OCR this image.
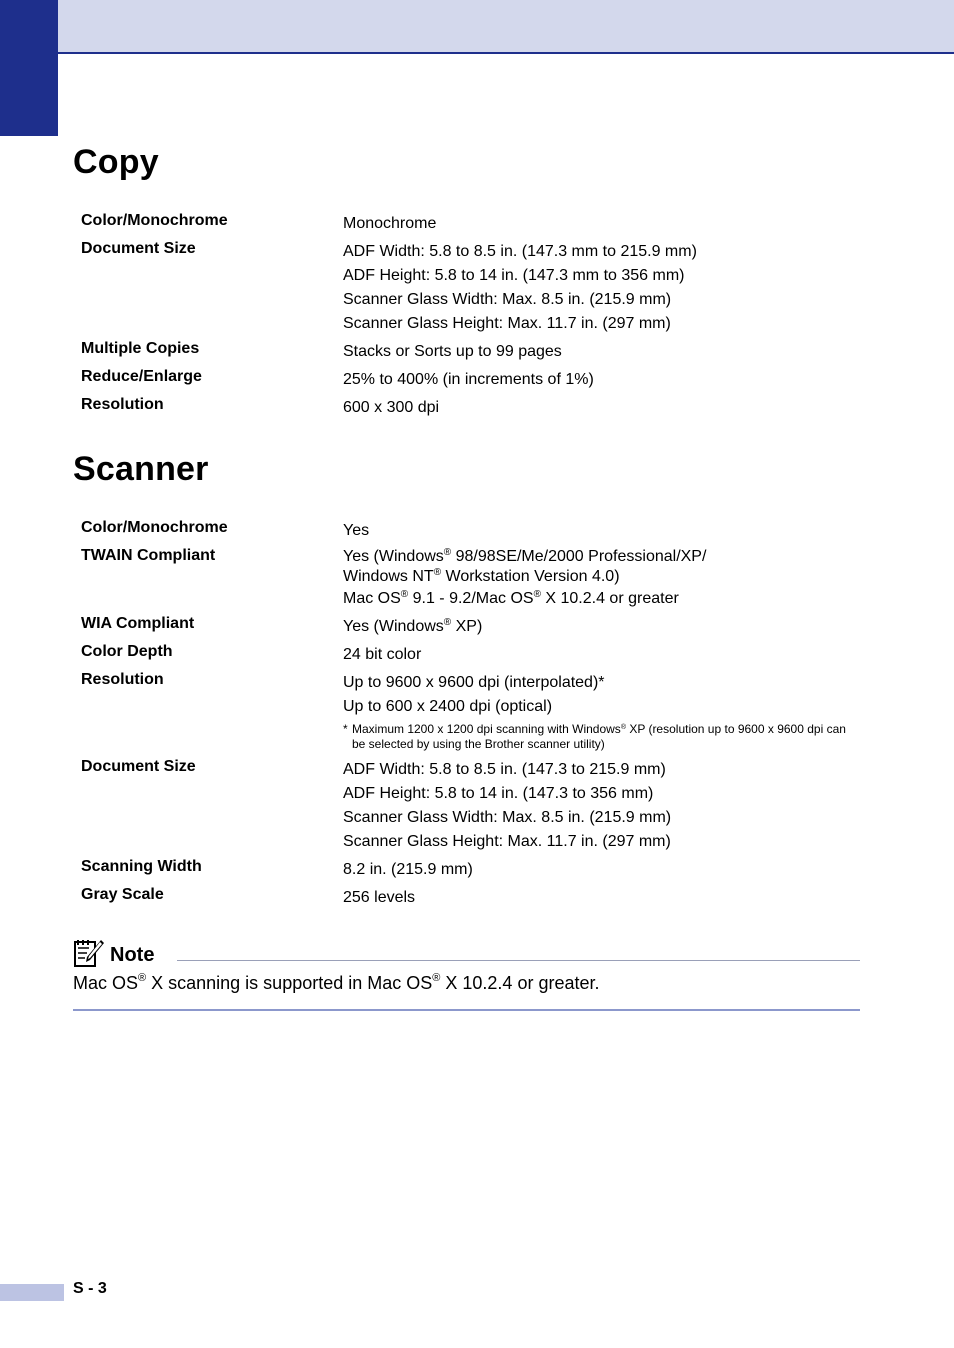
Copy
Color/Monochrome	Monochrome

Document Size	ADF Width: 5.8 to 8.5 in. (147.3 mm to 215.9 mm)
ADF Height: 5.8 to 14 in. (147.3 mm to 356 mm)
Scanner Glass Width: Max. 8.5 in. (215.9 mm)
Scanner Glass Height: Max. 11.7 in. (297 mm)

Multiple Copies	Stacks or Sorts up to 99 pages

Reduce/Enlarge	25% to 400% (in increments of 1%)

Resolution	600 x 300 dpi
Scanner
Color/Monochrome	Yes

TWAIN Compliant	Yes (Windows® 98/98SE/Me/2000 Professional/XP/
Windows NT® Workstation Version 4.0)
Mac OS® 9.1 - 9.2/Mac OS® X 10.2.4 or greater

WIA Compliant	Yes (Windows® XP)

Color Depth	24 bit color

Resolution	Up to 9600 x 9600 dpi (interpolated)*
Up to 600 x 2400 dpi (optical)
* Maximum 1200 x 1200 dpi scanning with Windows® XP (resolution up to 9600 x 9600 dpi can be selected by using the Brother scanner utility)

Document Size	ADF Width: 5.8 to 8.5 in. (147.3 to 215.9 mm)
ADF Height: 5.8 to 14 in. (147.3 to 356 mm)
Scanner Glass Width: Max. 8.5 in. (215.9 mm)
Scanner Glass Height: Max. 11.7 in. (297 mm)

Scanning Width	8.2 in. (215.9 mm)

Gray Scale	256 levels
Note
Mac OS® X scanning is supported in Mac OS® X 10.2.4 or greater.
S - 3
